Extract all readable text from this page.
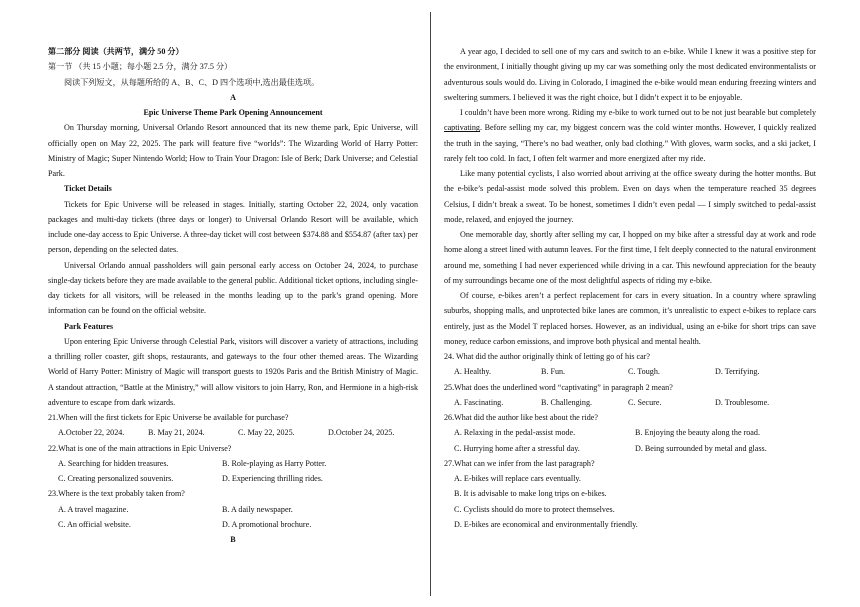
第二部分 阅读（共两节，满分 50 分）

第一节 （共 15 小题；每小题 2.5 分，满分 37.5 分）

阅读下列短文，从每题所给的 A、B、C、D 四个选项中,选出最佳选项。

A

Epic Universe Theme Park Opening Announcement

On Thursday morning, Universal Orlando Resort announced that its new theme park, Epic Universe, will officially open on May 22, 2025. The park will feature five “worlds”: The Wizarding World of Harry Potter: Ministry of Magic; Super Nintendo World; How to Train Your Dragon: Isle of Berk; Dark Universe; and Celestial Park.

Ticket Details

Tickets for Epic Universe will be released in stages. Initially, starting October 22, 2024, only vacation packages and multi-day tickets (three days or longer) to Universal Orlando Resort will be available, which include one-day access to Epic Universe. A three-day ticket will cost between $374.88 and $554.87 (after tax) per person, depending on the selected dates.

Universal Orlando annual passholders will gain personal early access on October 24, 2024, to purchase single-day tickets before they are made available to the general public. Additional ticket options, including single-day tickets for all visitors, will be released in the months leading up to the park’s grand opening. More information can be found on the official website.

Park Features

Upon entering Epic Universe through Celestial Park, visitors will discover a variety of attractions, including a thrilling roller coaster, gift shops, restaurants, and gateways to the four other themed areas. The Wizarding World of Harry Potter: Ministry of Magic will transport guests to 1920s Paris and the British Ministry of Magic. A standout attraction, “Battle at the Ministry,” will allow visitors to join Harry, Ron, and Hermione in a high-risk adventure to escape from dark wizards.

21.When will the first tickets for Epic Universe be available for purchase?

A.October 22, 2024.	B. May 21, 2024.	C. May 22, 2025.	D.October 24, 2025.

22.What is one of the main attractions in Epic Universe?

A. Searching for hidden treasures.	B. Role-playing as Harry Potter.
C. Creating personalized souvenirs.	D. Experiencing thrilling rides.

23.Where is the text probably taken from?

A. A travel magazine.	B. A daily newspaper.
C. An official website.	D. A promotional brochure.

B

A year ago, I decided to sell one of my cars and switch to an e-bike. While I knew it was a positive step for the environment, I initially thought giving up my car was something only the most dedicated environmentalists or adventurous souls would do. Living in Colorado, I imagined the e-bike would mean enduring freezing winters and sweltering summers. I believed it was the right choice, but I didn’t expect it to be enjoyable.

I couldn’t have been more wrong. Riding my e-bike to work turned out to be not just bearable but completely captivating. Before selling my car, my biggest concern was the cold winter months. However, I quickly realized the truth in the saying, “There’s no bad weather, only bad clothing.” With gloves, warm socks, and a ski jacket, I rarely felt too cold. In fact, I often felt warmer and more energized after my ride.

Like many potential cyclists, I also worried about arriving at the office sweaty during the hotter months. But the e-bike’s pedal-assist mode solved this problem. Even on days when the temperature reached 35 degrees Celsius, I didn’t break a sweat. To be honest, sometimes I didn’t even pedal — I simply switched to pedal-assist mode, relaxed, and enjoyed the journey.

One memorable day, shortly after selling my car, I hopped on my bike after a stressful day at work and rode home along a street lined with autumn leaves. For the first time, I felt deeply connected to the natural environment around me, something I had never experienced while driving in a car. This newfound appreciation for the beauty of my surroundings became one of the most delightful aspects of riding my e-bike.

Of course, e-bikes aren’t a perfect replacement for cars in every situation. In a country where sprawling suburbs, shopping malls, and unprotected bike lanes are common, it’s unrealistic to expect e-bikes to replace cars entirely, just as the Model T replaced horses. However, as an individual, using an e-bike for short trips can save money, reduce carbon emissions, and improve both physical and mental health.

24. What did the author originally think of letting go of his car?

A. Healthy.	B. Fun.	C. Tough.	D. Terrifying.

25.What does the underlined word “captivating” in paragraph 2 mean?

A. Fascinating.	B. Challenging.	C. Secure.	D. Troublesome.

26.What did the author like best about the ride?

A. Relaxing in the pedal-assist mode.	B. Enjoying the beauty along the road.
C. Hurrying home after a stressful day.	D. Being surrounded by metal and glass.

27.What can we infer from the last paragraph?

A. E-bikes will replace cars eventually.

B. It is advisable to make long trips on e-bikes.

C. Cyclists should do more to protect themselves.

D. E-bikes are economical and environmentally friendly.
